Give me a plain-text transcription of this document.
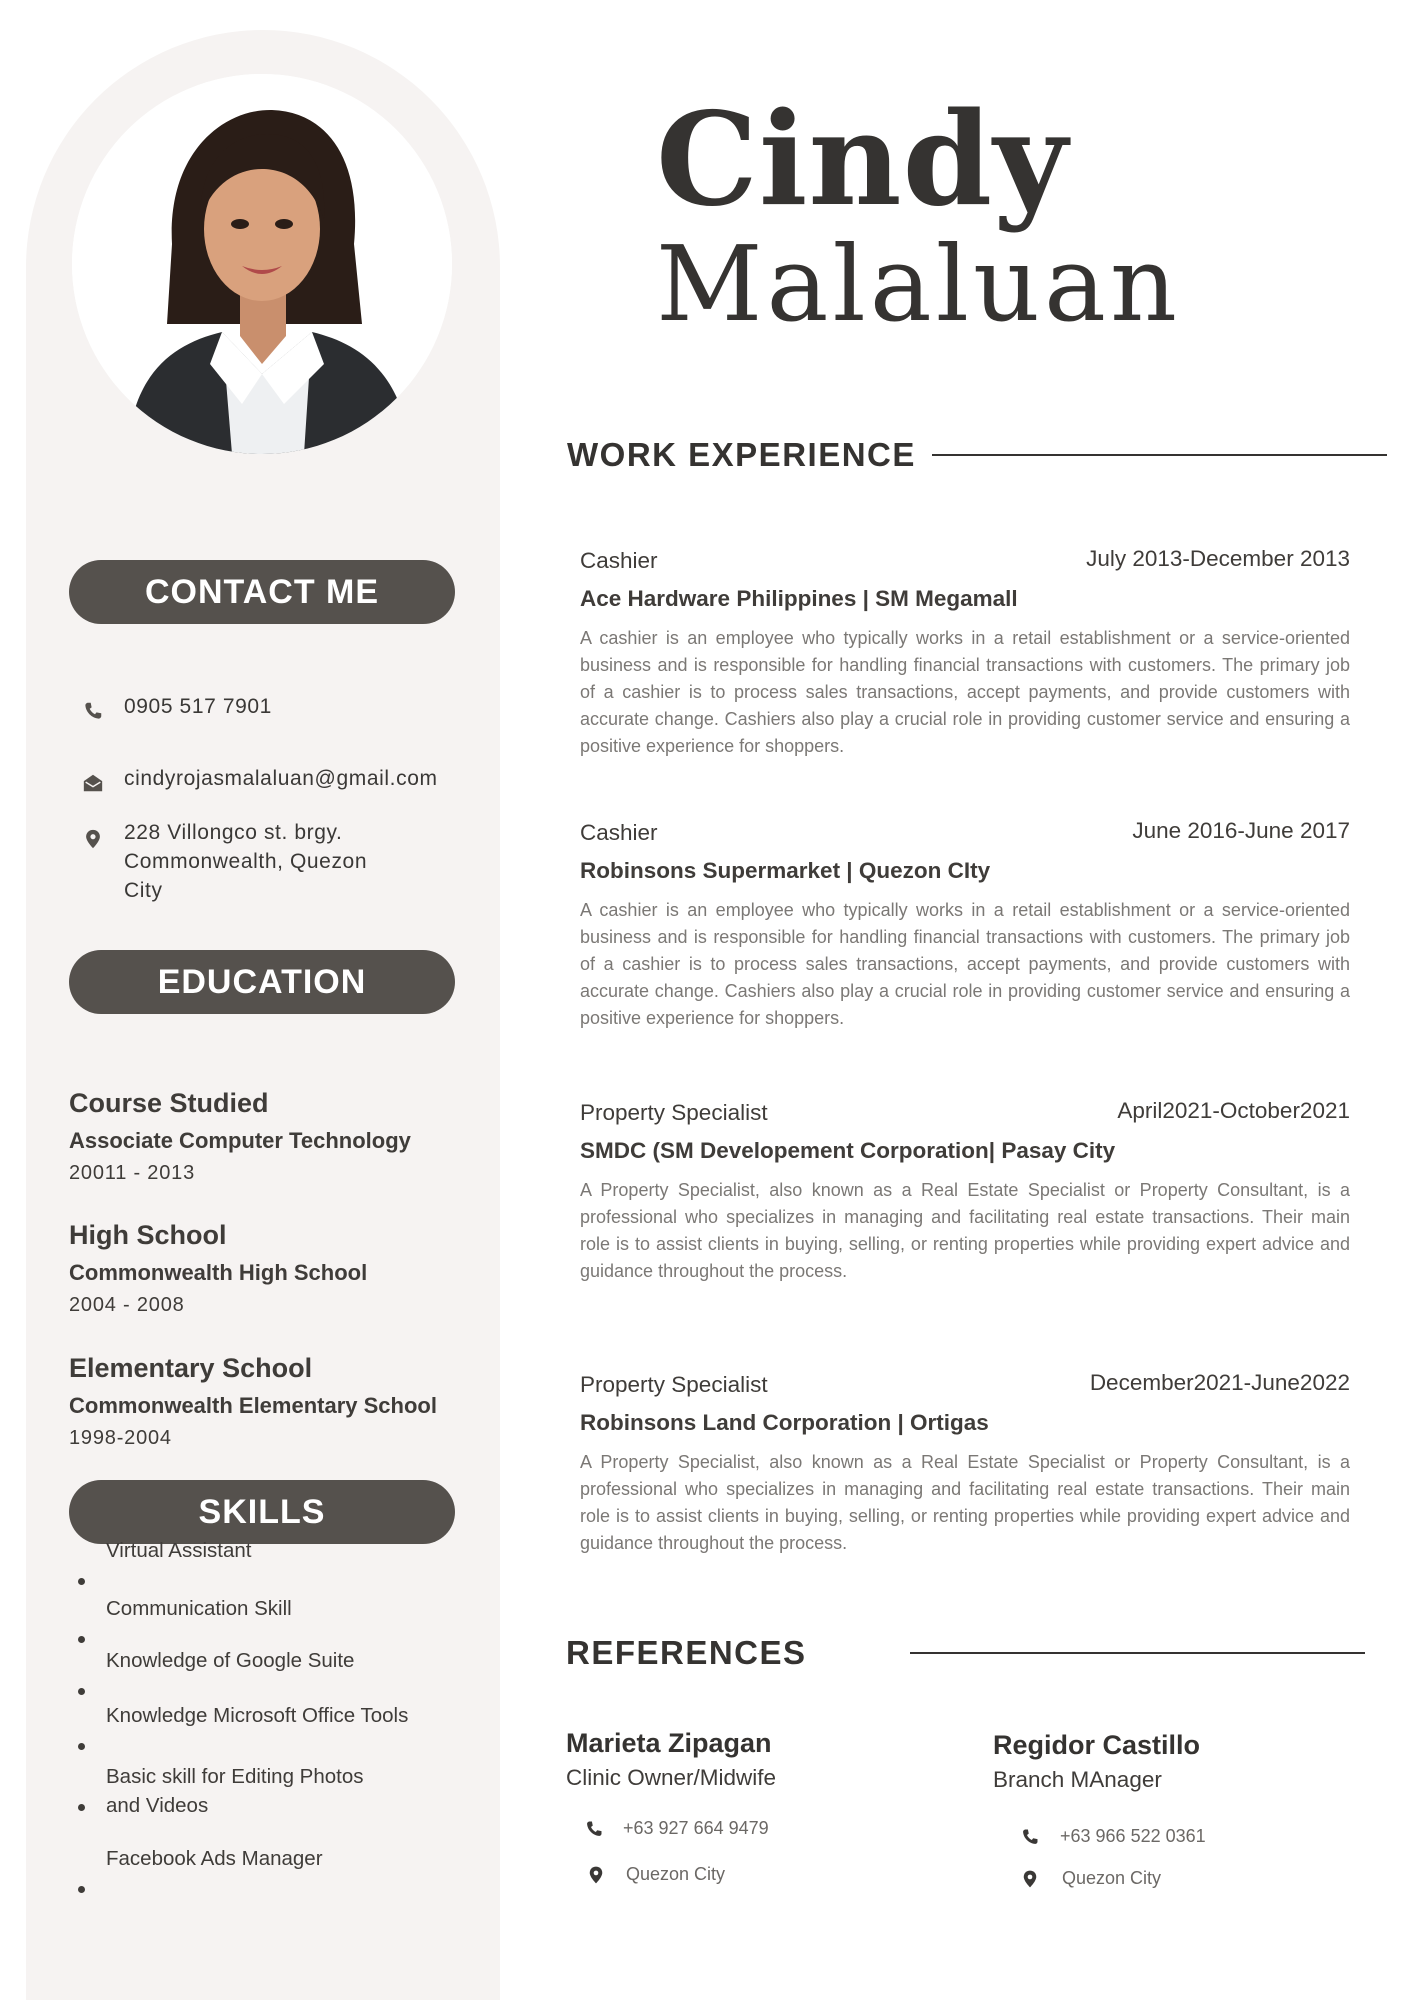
CONTACT ME
0905 517 7901
cindyrojasmalaluan@gmail.com
228 Villongco st. brgy.
Commonwealth, Quezon
City
EDUCATION
Course Studied
Associate Computer Technology
20011 - 2013
High School
Commonwealth High School
2004 - 2008
Elementary School
Commonwealth Elementary School
1998-2004
SKILLS
Virtual Assistant
Communication Skill
Knowledge of Google Suite
Knowledge Microsoft Office Tools
Basic skill for Editing Photos
and Videos
Facebook Ads Manager
Cindy
Malaluan
WORK EXPERIENCE
Cashier	July 2013-December 2013
Ace Hardware Philippines | SM Megamall
A cashier is an employee who typically works in a retail establishment or a service-oriented business and is responsible for handling financial transactions with customers. The primary job of a cashier is to process sales transactions, accept payments, and provide customers with accurate change. Cashiers also play a crucial role in providing customer service and ensuring a positive experience for shoppers.
Cashier	June 2016-June 2017
Robinsons Supermarket | Quezon CIty
A cashier is an employee who typically works in a retail establishment or a service-oriented business and is responsible for handling financial transactions with customers. The primary job of a cashier is to process sales transactions, accept payments, and provide customers with accurate change. Cashiers also play a crucial role in providing customer service and ensuring a positive experience for shoppers.
Property Specialist	April2021-October2021
SMDC (SM Developement Corporation| Pasay City
A Property Specialist, also known as a Real Estate Specialist or Property Consultant, is a professional who specializes in managing and facilitating real estate transactions. Their main role is to assist clients in buying, selling, or renting properties while providing expert advice and guidance throughout the process.
Property Specialist	December2021-June2022
Robinsons Land Corporation | Ortigas
A Property Specialist, also known as a Real Estate Specialist or Property Consultant, is a professional who specializes in managing and facilitating real estate transactions. Their main role is to assist clients in buying, selling, or renting properties while providing expert advice and guidance throughout the process.
REFERENCES
Marieta Zipagan
Clinic Owner/Midwife
+63 927 664 9479
Quezon City
Regidor Castillo
Branch MAnager
+63 966 522 0361
Quezon City
